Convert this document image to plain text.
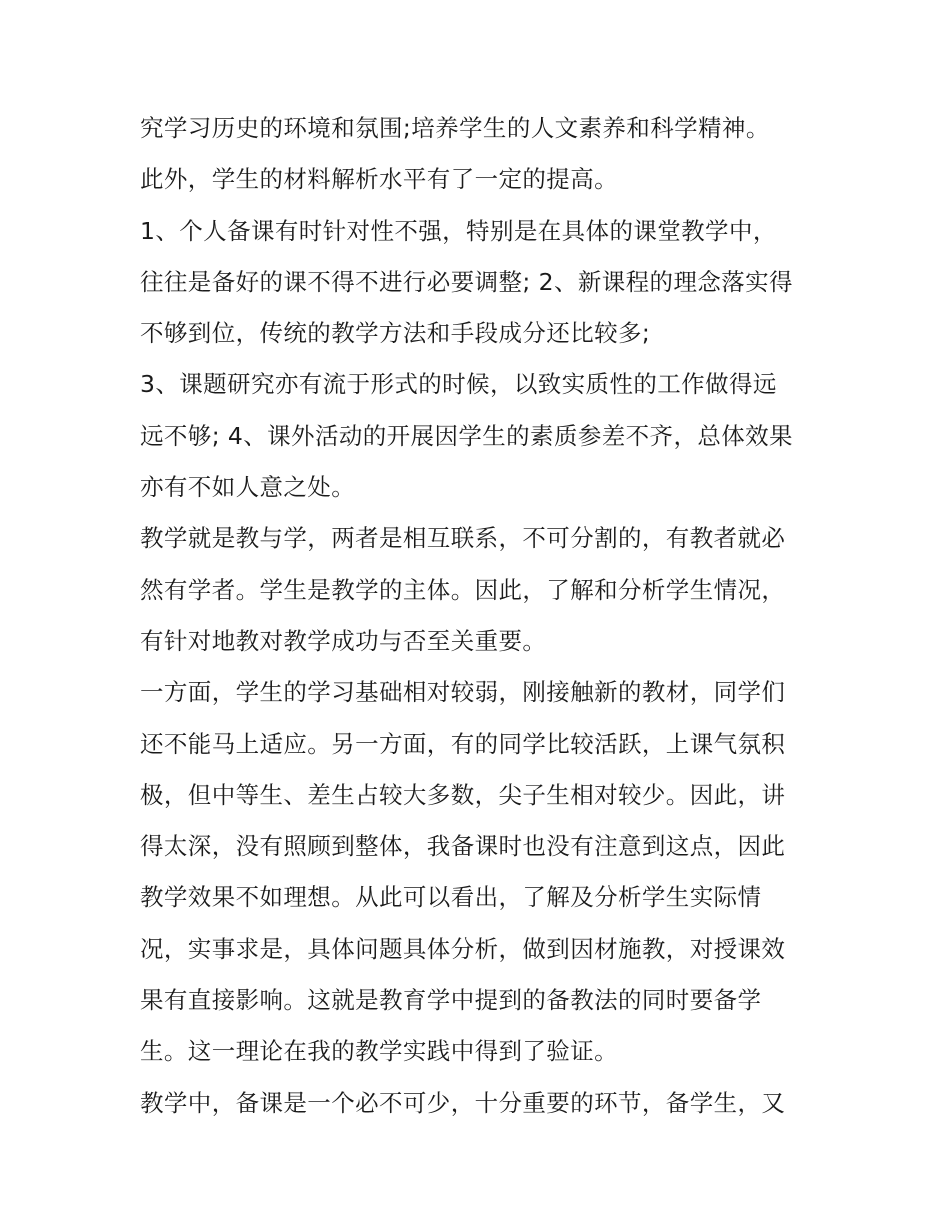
究学习历史的环境和氛围;培养学生的人文素养和科学精神。
此外，学生的材料解析水平有了一定的提高。
1、个人备课有时针对性不强，特别是在具体的课堂教学中，
往往是备好的课不得不进行必要调整; 2、新课程的理念落实得
不够到位，传统的教学方法和手段成分还比较多;
3、课题研究亦有流于形式的时候，以致实质性的工作做得远
远不够; 4、课外活动的开展因学生的素质参差不齐，总体效果
亦有不如人意之处。
教学就是教与学，两者是相互联系，不可分割的，有教者就必
然有学者。学生是教学的主体。因此，了解和分析学生情况，
有针对地教对教学成功与否至关重要。
一方面，学生的学习基础相对较弱，刚接触新的教材，同学们
还不能马上适应。另一方面，有的同学比较活跃，上课气氛积
极，但中等生、差生占较大多数，尖子生相对较少。因此，讲
得太深，没有照顾到整体，我备课时也没有注意到这点，因此
教学效果不如理想。从此可以看出，了解及分析学生实际情
况，实事求是，具体问题具体分析，做到因材施教，对授课效
果有直接影响。这就是教育学中提到的备教法的同时要备学
生。这一理论在我的教学实践中得到了验证。
教学中，备课是一个必不可少，十分重要的环节，备学生，又
